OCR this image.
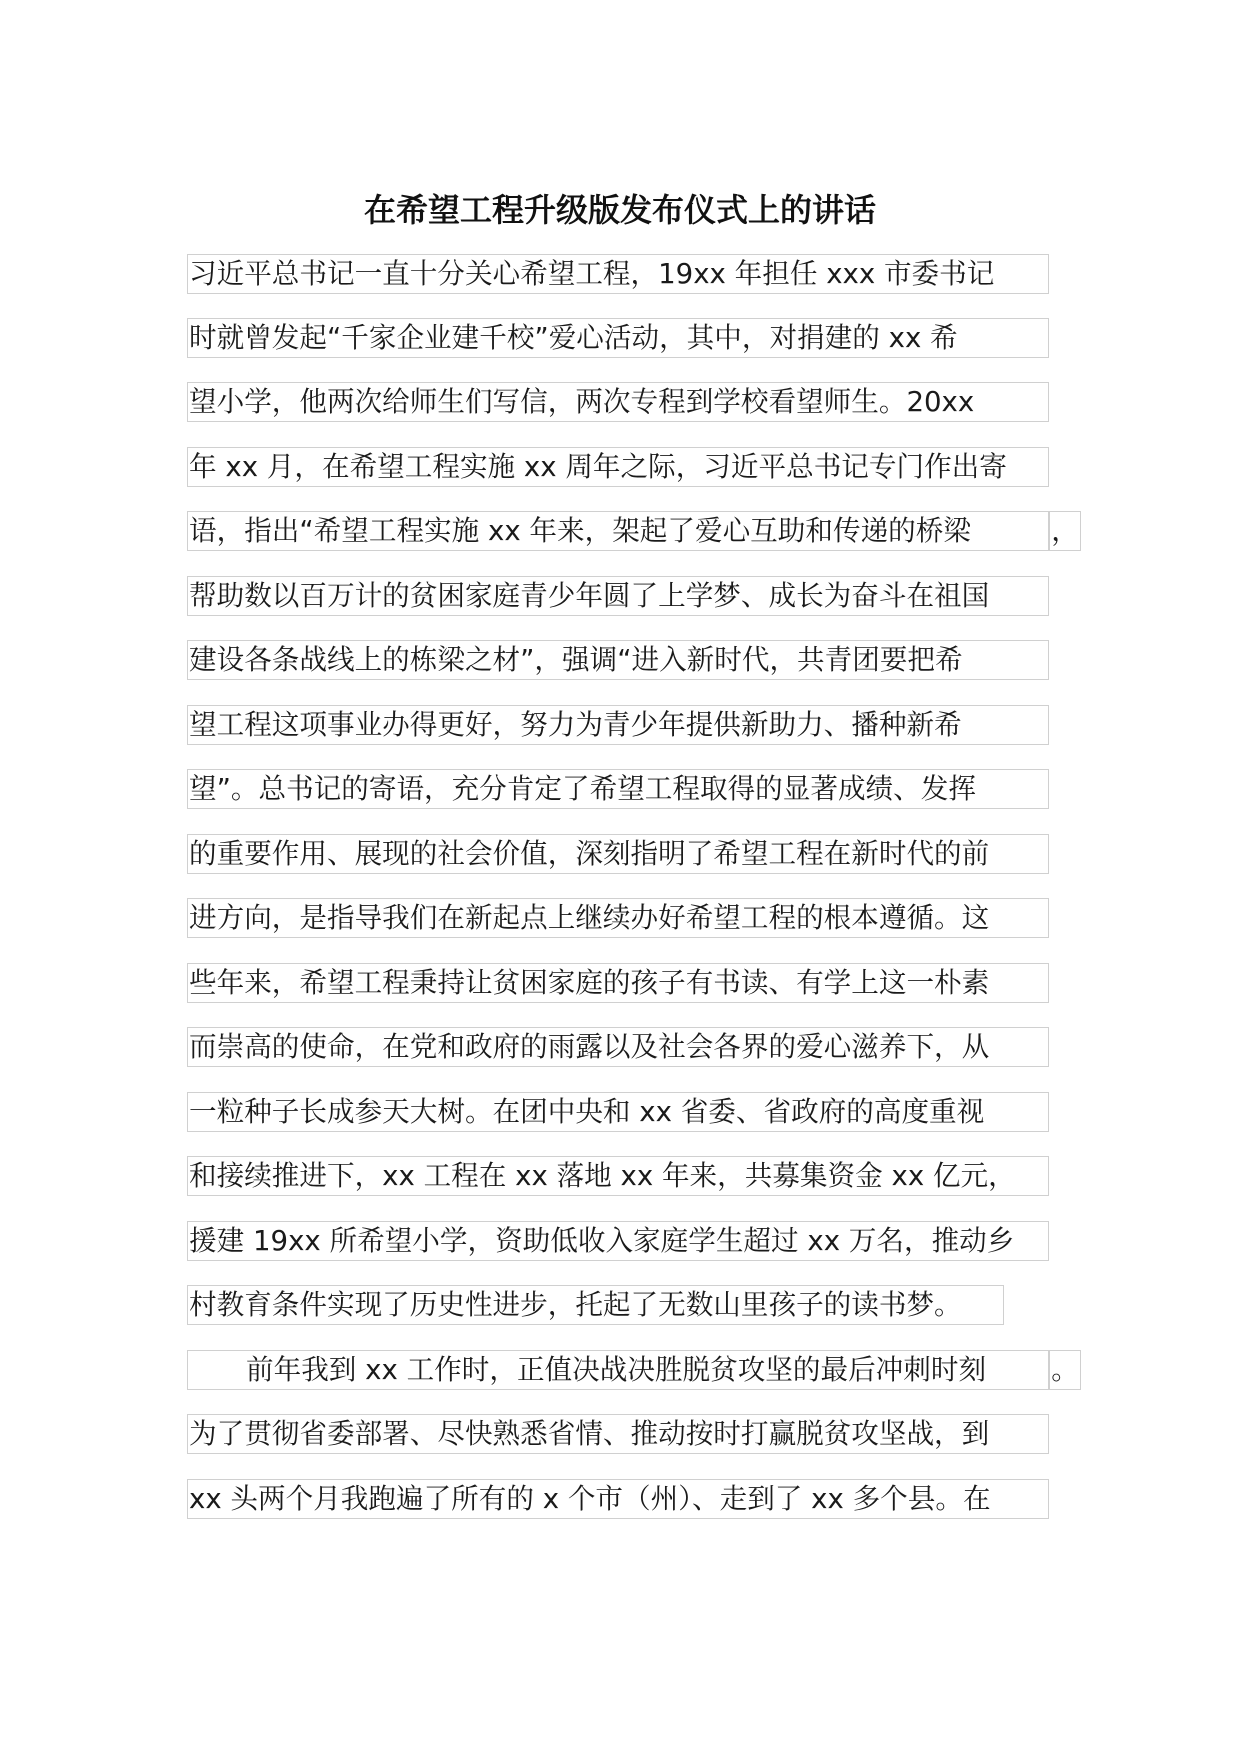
在希望工程升级版发布仪式上的讲话
习近平总书记一直十分关心希望工程，19xx 年担任 xxx 市委书记
时就曾发起“千家企业建千校”爱心活动，其中，对捐建的 xx 希
望小学，他两次给师生们写信，两次专程到学校看望师生。20xx
年 xx 月，在希望工程实施 xx 周年之际，习近平总书记专门作出寄
语，指出“希望工程实施 xx 年来，架起了爱心互助和传递的桥梁	，
帮助数以百万计的贫困家庭青少年圆了上学梦、成长为奋斗在祖国
建设各条战线上的栋梁之材”，强调“进入新时代，共青团要把希
望工程这项事业办得更好，努力为青少年提供新助力、播种新希
望”。总书记的寄语，充分肯定了希望工程取得的显著成绩、发挥
的重要作用、展现的社会价值，深刻指明了希望工程在新时代的前
进方向，是指导我们在新起点上继续办好希望工程的根本遵循。这
些年来，希望工程秉持让贫困家庭的孩子有书读、有学上这一朴素
而崇高的使命，在党和政府的雨露以及社会各界的爱心滋养下，从
一粒种子长成参天大树。在团中央和 xx 省委、省政府的高度重视
和接续推进下，xx 工程在 xx 落地 xx 年来，共募集资金 xx 亿元，
援建 19xx 所希望小学，资助低收入家庭学生超过 xx 万名，推动乡
村教育条件实现了历史性进步，托起了无数山里孩子的读书梦。
前年我到 xx 工作时，正值决战决胜脱贫攻坚的最后冲刺时刻	。
为了贯彻省委部署、尽快熟悉省情、推动按时打赢脱贫攻坚战，到
xx 头两个月我跑遍了所有的 x 个市（州）、走到了 xx 多个县。在
